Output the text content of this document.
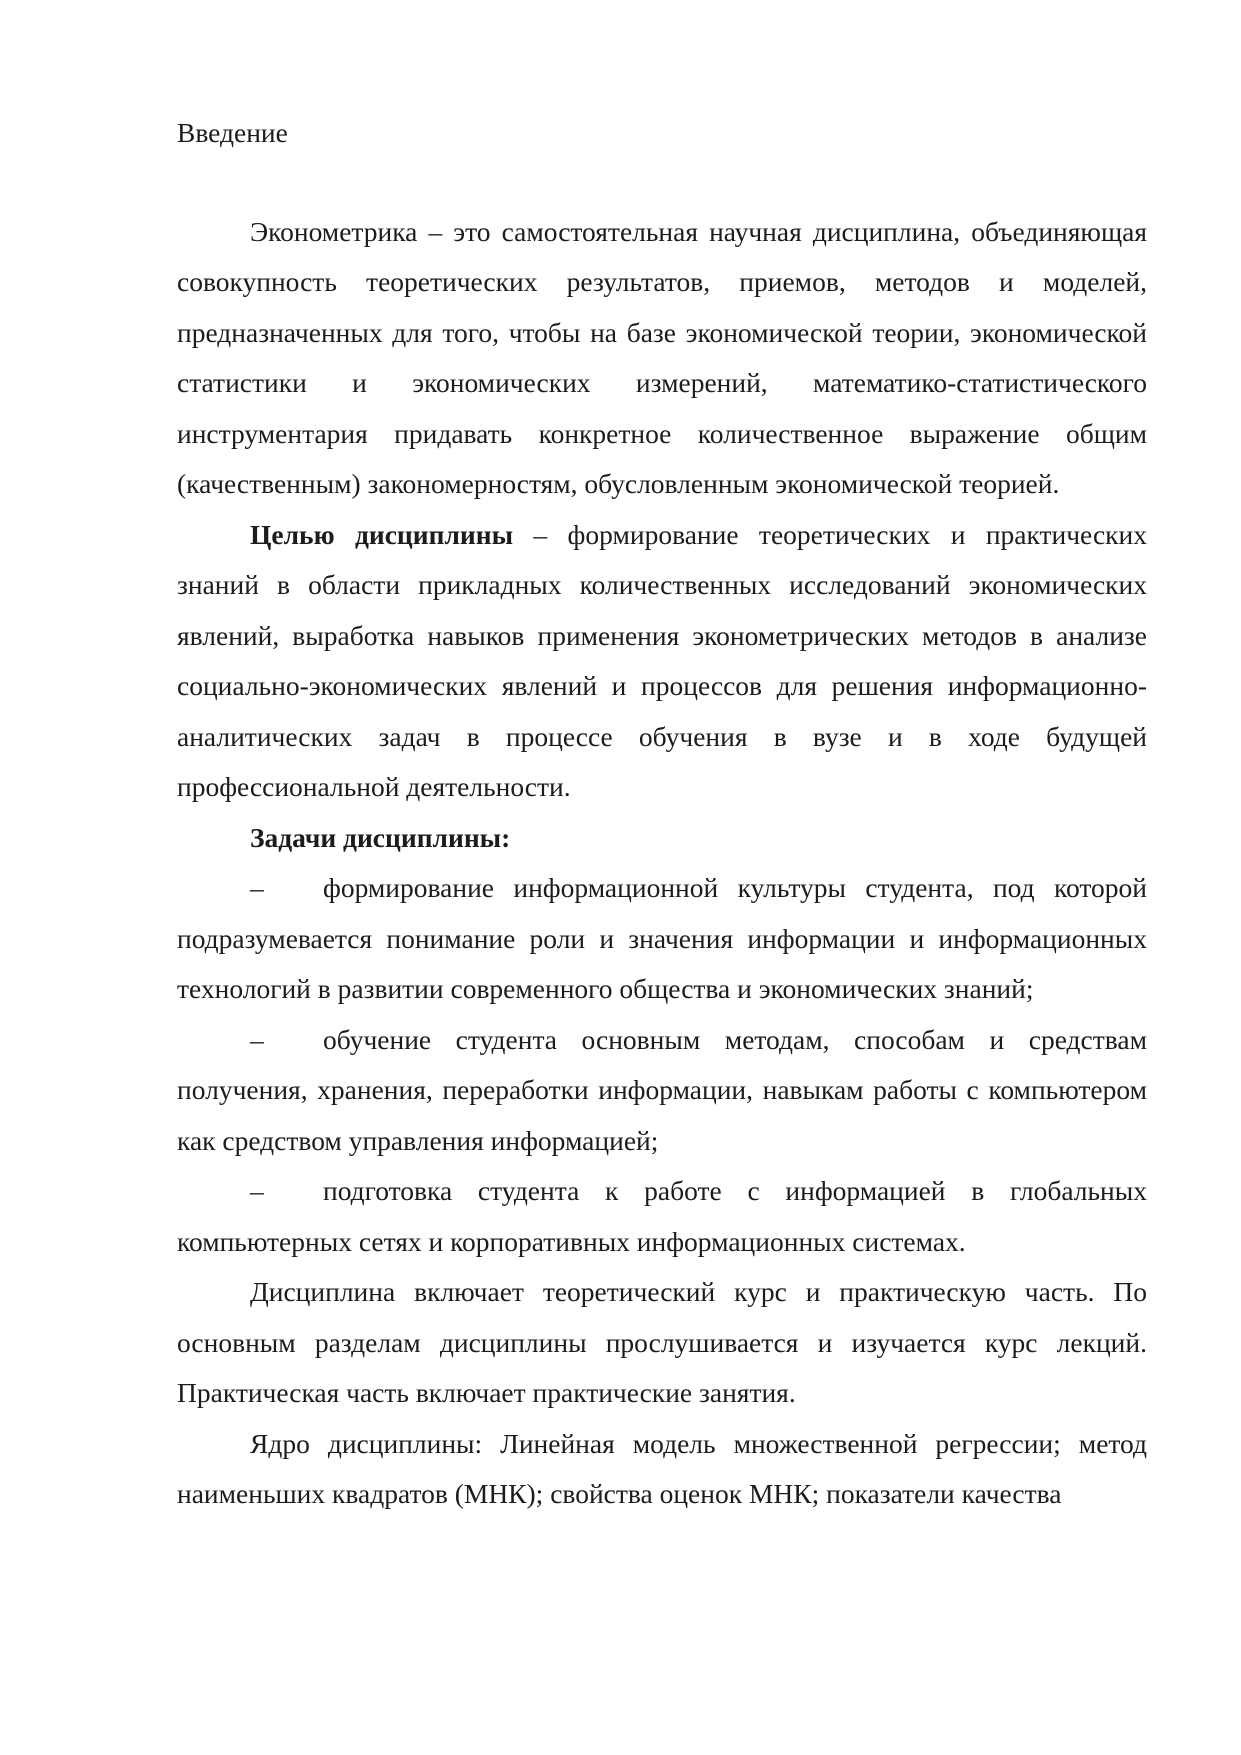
Введение

Эконометрика – это самостоятельная научная дисциплина, объединяющая совокупность теоретических результатов, приемов, методов и моделей, предназначенных для того, чтобы на базе экономической теории, экономической статистики и экономических измерений, математико-статистического инструментария придавать конкретное количественное выражение общим (качественным) закономерностям, обусловленным экономической теорией.

Целью дисциплины – формирование теоретических и практических знаний в области прикладных количественных исследований экономических явлений, выработка навыков применения эконометрических методов в анализе социально-экономических явлений и процессов для решения информационно-аналитических задач в процессе обучения в вузе и в ходе будущей профессиональной деятельности.

Задачи дисциплины:

– формирование информационной культуры студента, под которой подразумевается понимание роли и значения информации и информационных технологий в развитии современного общества и экономических знаний;

– обучение студента основным методам, способам и средствам получения, хранения, переработки информации, навыкам работы с компьютером как средством управления информацией;

– подготовка студента к работе с информацией в глобальных компьютерных сетях и корпоративных информационных системах.

Дисциплина включает теоретический курс и практическую часть. По основным разделам дисциплины прослушивается и изучается курс лекций. Практическая часть включает практические занятия.

Ядро дисциплины: Линейная модель множественной регрессии; метод наименьших квадратов (МНК); свойства оценок МНК; показатели качества
